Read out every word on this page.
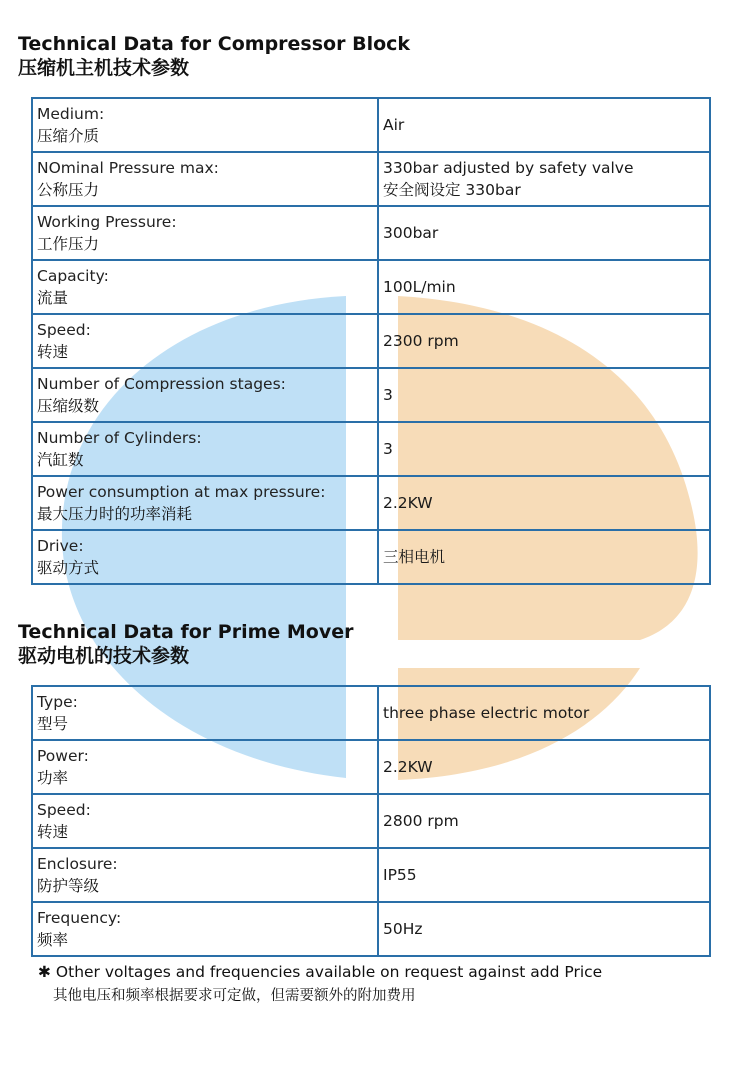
Technical Data for Compressor Block
压缩机主机技术参数
Medium:
压缩介质	Air

NOminal Pressure max:
公称压力	330bar adjusted by safety valve
安全阀设定 330bar

Working Pressure:
工作压力	300bar

Capacity:
流量	100L/min

Speed:
转速	2300 rpm

Number of Compression stages:
压缩级数	3

Number of Cylinders:
汽缸数	3

Power consumption at max pressure:
最大压力时的功率消耗	2.2KW

Drive:
驱动方式	三相电机
Technical Data for Prime Mover
驱动电机的技术参数
Type:
型号	three phase electric motor

Power:
功率	2.2KW

Speed:
转速	2800 rpm

Enclosure:
防护等级	IP55

Frequency:
频率	50Hz
✱ Other voltages and frequencies available on request against add Price
其他电压和频率根据要求可定做，但需要额外的附加费用
